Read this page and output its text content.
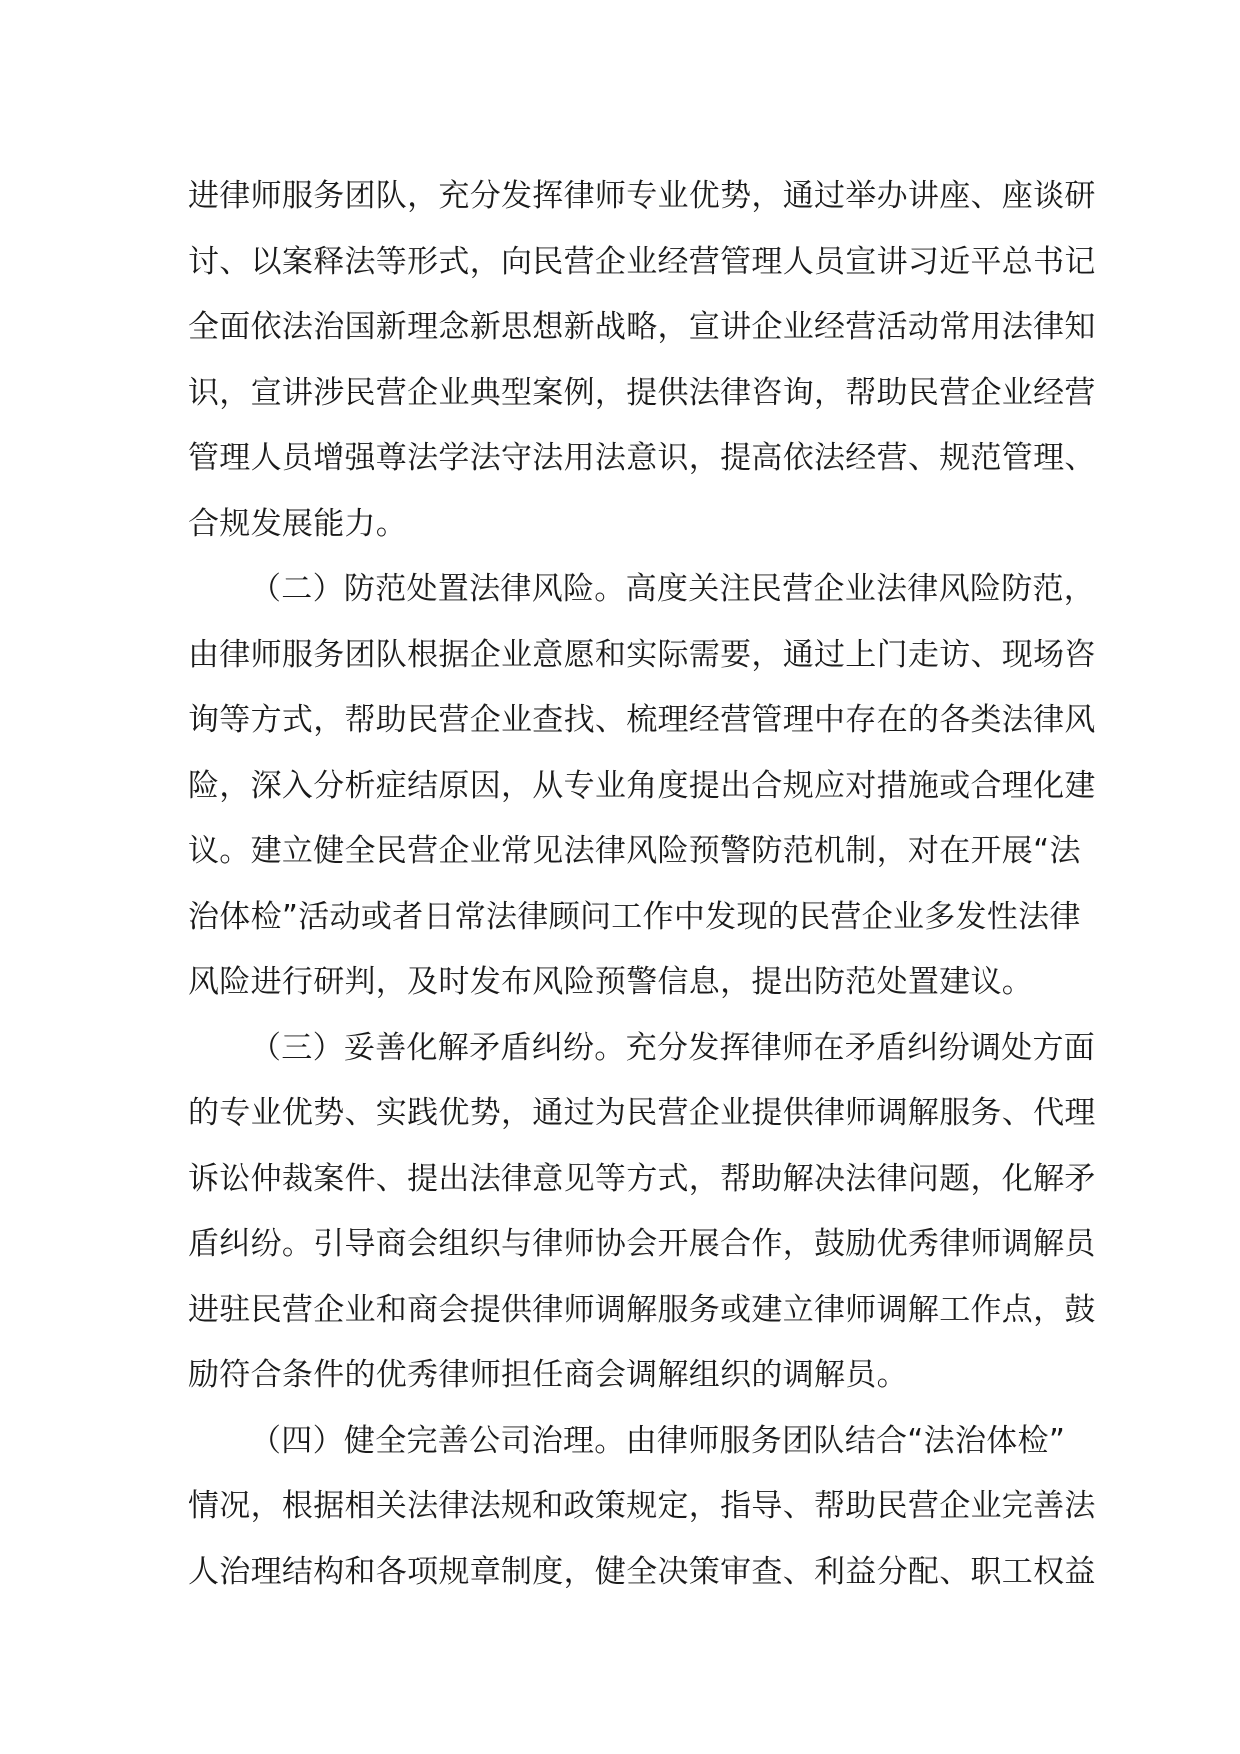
进律师服务团队，充分发挥律师专业优势，通过举办讲座、座谈研
讨、以案释法等形式，向民营企业经营管理人员宣讲习近平总书记
全面依法治国新理念新思想新战略，宣讲企业经营活动常用法律知
识，宣讲涉民营企业典型案例，提供法律咨询，帮助民营企业经营
管理人员增强尊法学法守法用法意识，提高依法经营、规范管理、
合规发展能力。
（二）防范处置法律风险。高度关注民营企业法律风险防范，
由律师服务团队根据企业意愿和实际需要，通过上门走访、现场咨
询等方式，帮助民营企业查找、梳理经营管理中存在的各类法律风
险，深入分析症结原因，从专业角度提出合规应对措施或合理化建
议。建立健全民营企业常见法律风险预警防范机制，对在开展“法
治体检”活动或者日常法律顾问工作中发现的民营企业多发性法律
风险进行研判，及时发布风险预警信息，提出防范处置建议。
（三）妥善化解矛盾纠纷。充分发挥律师在矛盾纠纷调处方面
的专业优势、实践优势，通过为民营企业提供律师调解服务、代理
诉讼仲裁案件、提出法律意见等方式，帮助解决法律问题，化解矛
盾纠纷。引导商会组织与律师协会开展合作，鼓励优秀律师调解员
进驻民营企业和商会提供律师调解服务或建立律师调解工作点，鼓
励符合条件的优秀律师担任商会调解组织的调解员。
（四）健全完善公司治理。由律师服务团队结合“法治体检”
情况，根据相关法律法规和政策规定，指导、帮助民营企业完善法
人治理结构和各项规章制度，健全决策审查、利益分配、职工权益
